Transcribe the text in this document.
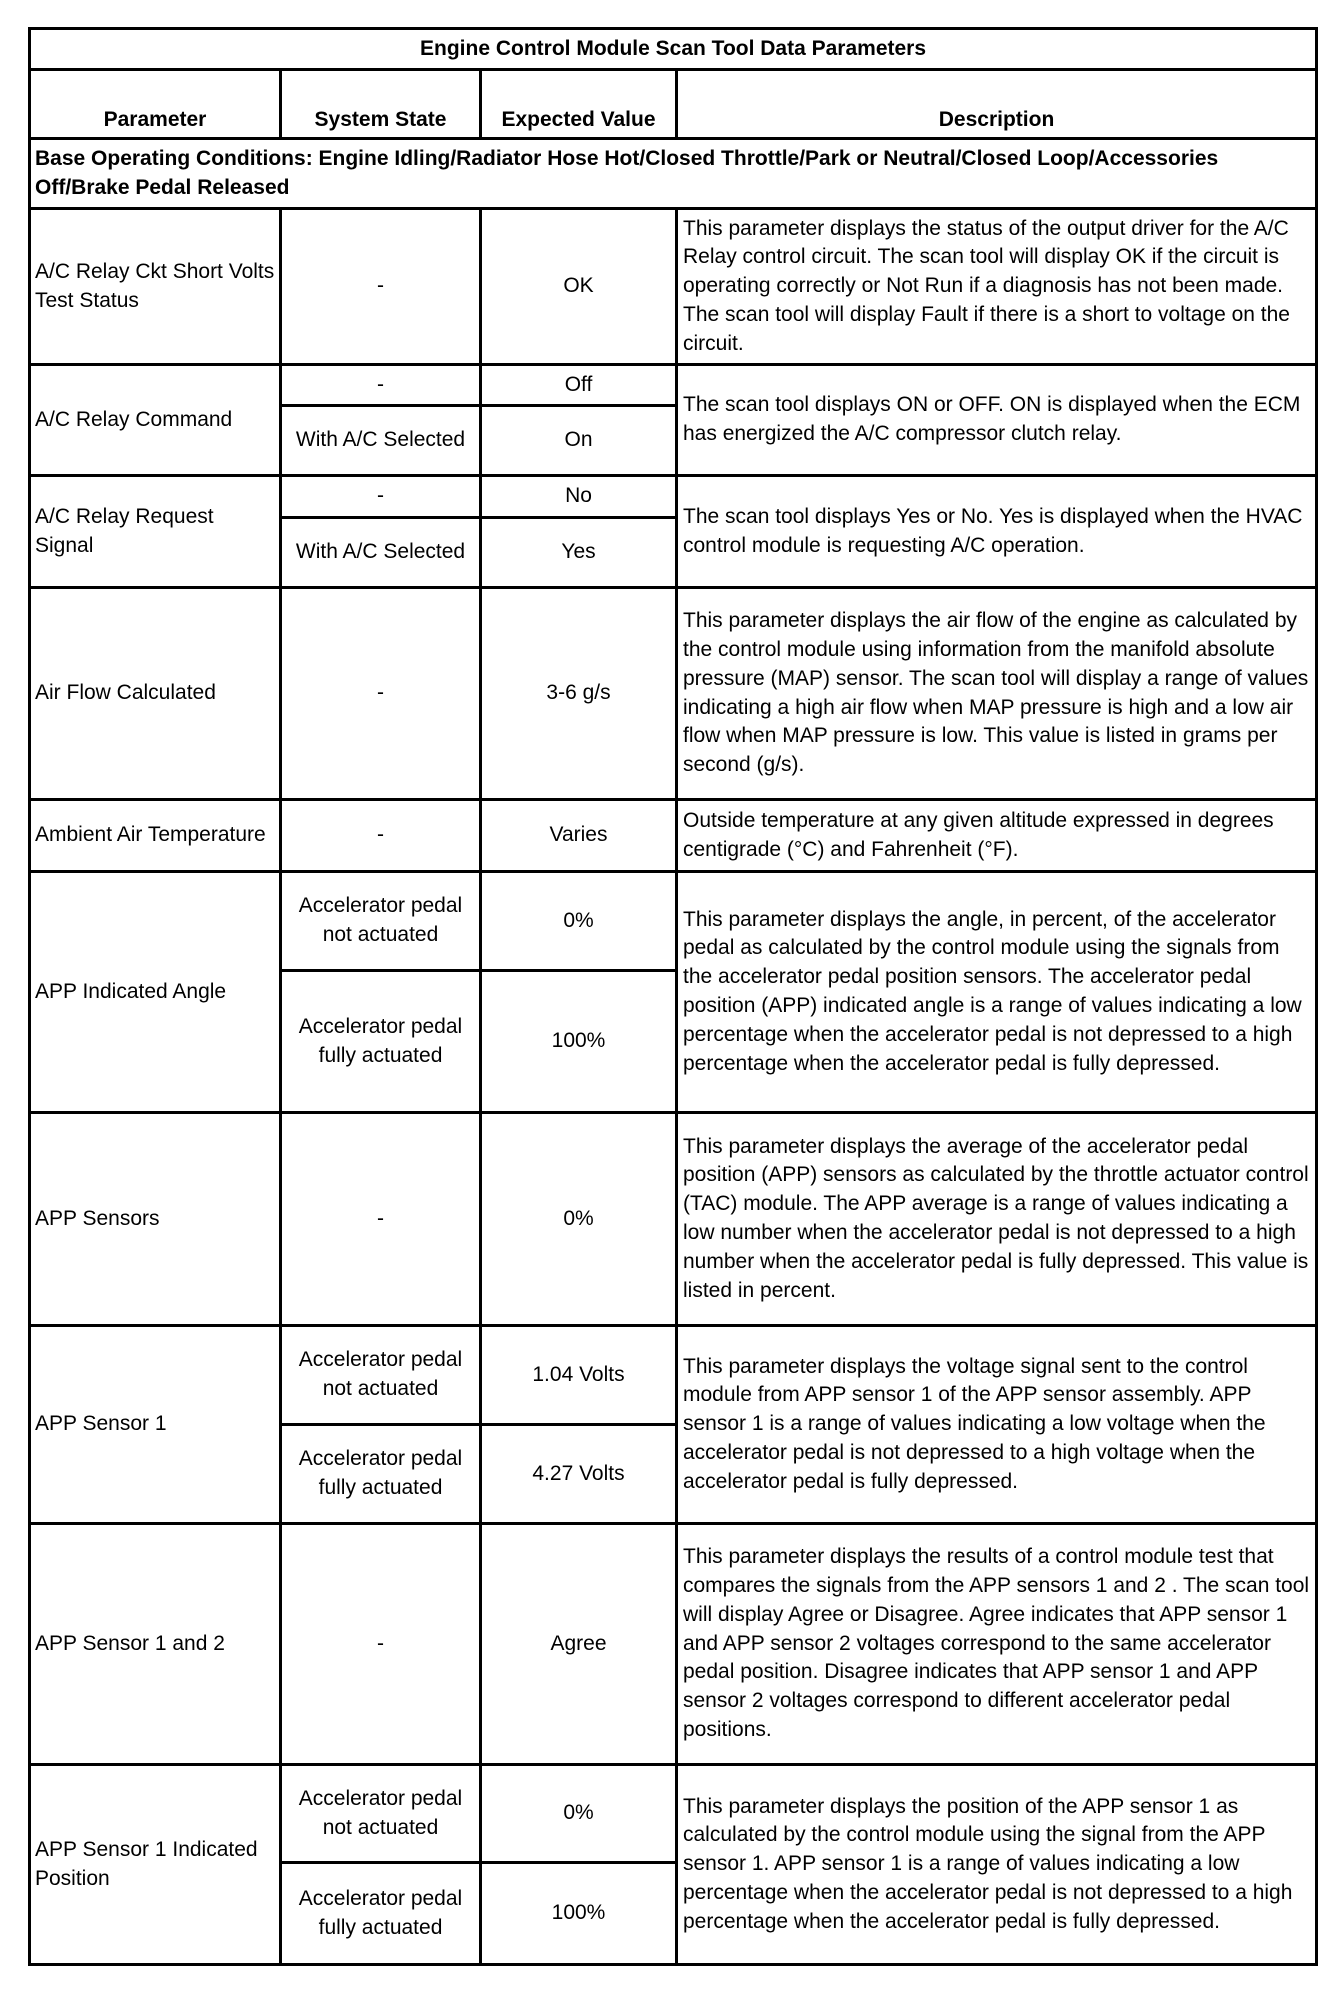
Engine Control Module Scan Tool Data Parameters			
Parameter	System State	Expected Value	Description
Base Operating Conditions: Engine Idling/Radiator Hose Hot/Closed Throttle/Park or Neutral/Closed Loop/Accessories Off/Brake Pedal Released			
A/C Relay Ckt Short Volts Test Status	-	OK	This parameter displays the status of the output driver for the A/C Relay control circuit. The scan tool will display OK if the circuit is operating correctly or Not Run if a diagnosis has not been made. The scan tool will display Fault if there is a short to voltage on the circuit.
A/C Relay Command	-	Off	The scan tool displays ON or OFF. ON is displayed when the ECM has energized the A/C compressor clutch relay.
	With A/C Selected	On	
A/C Relay Request Signal	-	No	The scan tool displays Yes or No. Yes is displayed when the HVAC control module is requesting A/C operation.
	With A/C Selected	Yes	
Air Flow Calculated	-	3-6 g/s	This parameter displays the air flow of the engine as calculated by the control module using information from the manifold absolute pressure (MAP) sensor. The scan tool will display a range of values indicating a high air flow when MAP pressure is high and a low air flow when MAP pressure is low. This value is listed in grams per second (g/s).
Ambient Air Temperature	-	Varies	Outside temperature at any given altitude expressed in degrees centigrade (°C) and Fahrenheit (°F).
APP Indicated Angle	Accelerator pedal not actuated	0%	This parameter displays the angle, in percent, of the accelerator pedal as calculated by the control module using the signals from the accelerator pedal position sensors. The accelerator pedal position (APP) indicated angle is a range of values indicating a low percentage when the accelerator pedal is not depressed to a high percentage when the accelerator pedal is fully depressed.
	Accelerator pedal fully actuated	100%	
APP Sensors	-	0%	This parameter displays the average of the accelerator pedal position (APP) sensors as calculated by the throttle actuator control (TAC) module. The APP average is a range of values indicating a low number when the accelerator pedal is not depressed to a high number when the accelerator pedal is fully depressed. This value is listed in percent.
APP Sensor 1	Accelerator pedal not actuated	1.04 Volts	This parameter displays the voltage signal sent to the control module from APP sensor 1 of the APP sensor assembly. APP sensor 1 is a range of values indicating a low voltage when the accelerator pedal is not depressed to a high voltage when the accelerator pedal is fully depressed.
	Accelerator pedal fully actuated	4.27 Volts	
APP Sensor 1 and 2	-	Agree	This parameter displays the results of a control module test that compares the signals from the APP sensors 1 and 2 . The scan tool will display Agree or Disagree. Agree indicates that APP sensor 1 and APP sensor 2 voltages correspond to the same accelerator pedal position. Disagree indicates that APP sensor 1 and APP sensor 2 voltages correspond to different accelerator pedal positions.
APP Sensor 1 Indicated Position	Accelerator pedal not actuated	0%	This parameter displays the position of the APP sensor 1 as calculated by the control module using the signal from the APP sensor 1. APP sensor 1 is a range of values indicating a low percentage when the accelerator pedal is not depressed to a high percentage when the accelerator pedal is fully depressed.
	Accelerator pedal fully actuated	100%	
